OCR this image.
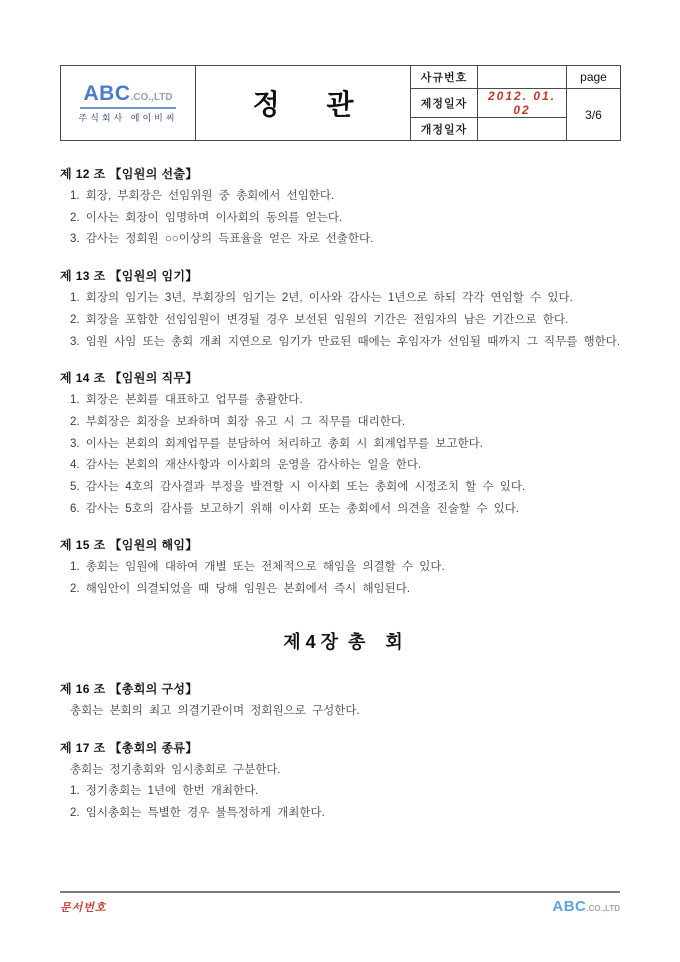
ABC.CO.,LTD
주식회사 에이비씨	정      관	사규번호		page
		제정일자	2012. 01. 02	3/6
		개정일자		
제 12 조 【임원의 선출】
1. 회장, 부회장은 선임위원 중 총회에서 선임한다.
2. 이사는 회장이 임명하며 이사회의 동의를 얻는다.
3. 감사는 정회원 ○○이상의 득표율을 얻은 자로 선출한다.
제 13 조 【임원의 임기】
1. 회장의 임기는 3년, 부회장의 임기는 2년, 이사와 감사는 1년으로 하되 각각 연임할 수 있다.
2. 회장을 포함한 선임임원이 변경될 경우 보선된 임원의 기간은 전임자의 남은 기간으로 한다.
3. 임원 사임 또는 총회 개최 지연으로 임기가 만료된 때에는 후임자가 선임될 때까지 그 직무를 행한다.
제 14 조 【임원의 직무】
1. 회장은 본회를 대표하고 업무를 총괄한다.
2. 부회장은 회장을 보좌하며 회장 유고 시 그 직무를 대리한다.
3. 이사는 본회의 회계업무를 분담하여 처리하고 총회 시 회계업무를 보고한다.
4. 감사는 본회의 재산사항과 이사회의 운영을 감사하는 일을 한다.
5. 감사는 4호의 감사결과 부정을 발견할 시 이사회 또는 총회에 시정조치 할 수 있다.
6. 감사는 5호의 감사를 보고하기 위해 이사회 또는 총회에서 의견을 진술할 수 있다.
제 15 조 【임원의 해임】
1. 총회는 임원에 대하여 개별 또는 전체적으로 해임을 의결할 수 있다.
2. 해임안이 의결되었을 때 당해 임원은 본회에서 즉시 해임된다.
제 4 장  총    회
제 16 조 【총회의 구성】
총회는 본회의 최고 의결기관이며 정회원으로 구성한다.
제 17 조 【총회의 종류】
총회는 정기총회와 임시총회로 구분한다.
1. 정기총회는 1년에 한번 개최한다.
2. 임시총회는 특별한 경우 불특정하게 개최한다.
문서번호	ABC.CO.,LTD
